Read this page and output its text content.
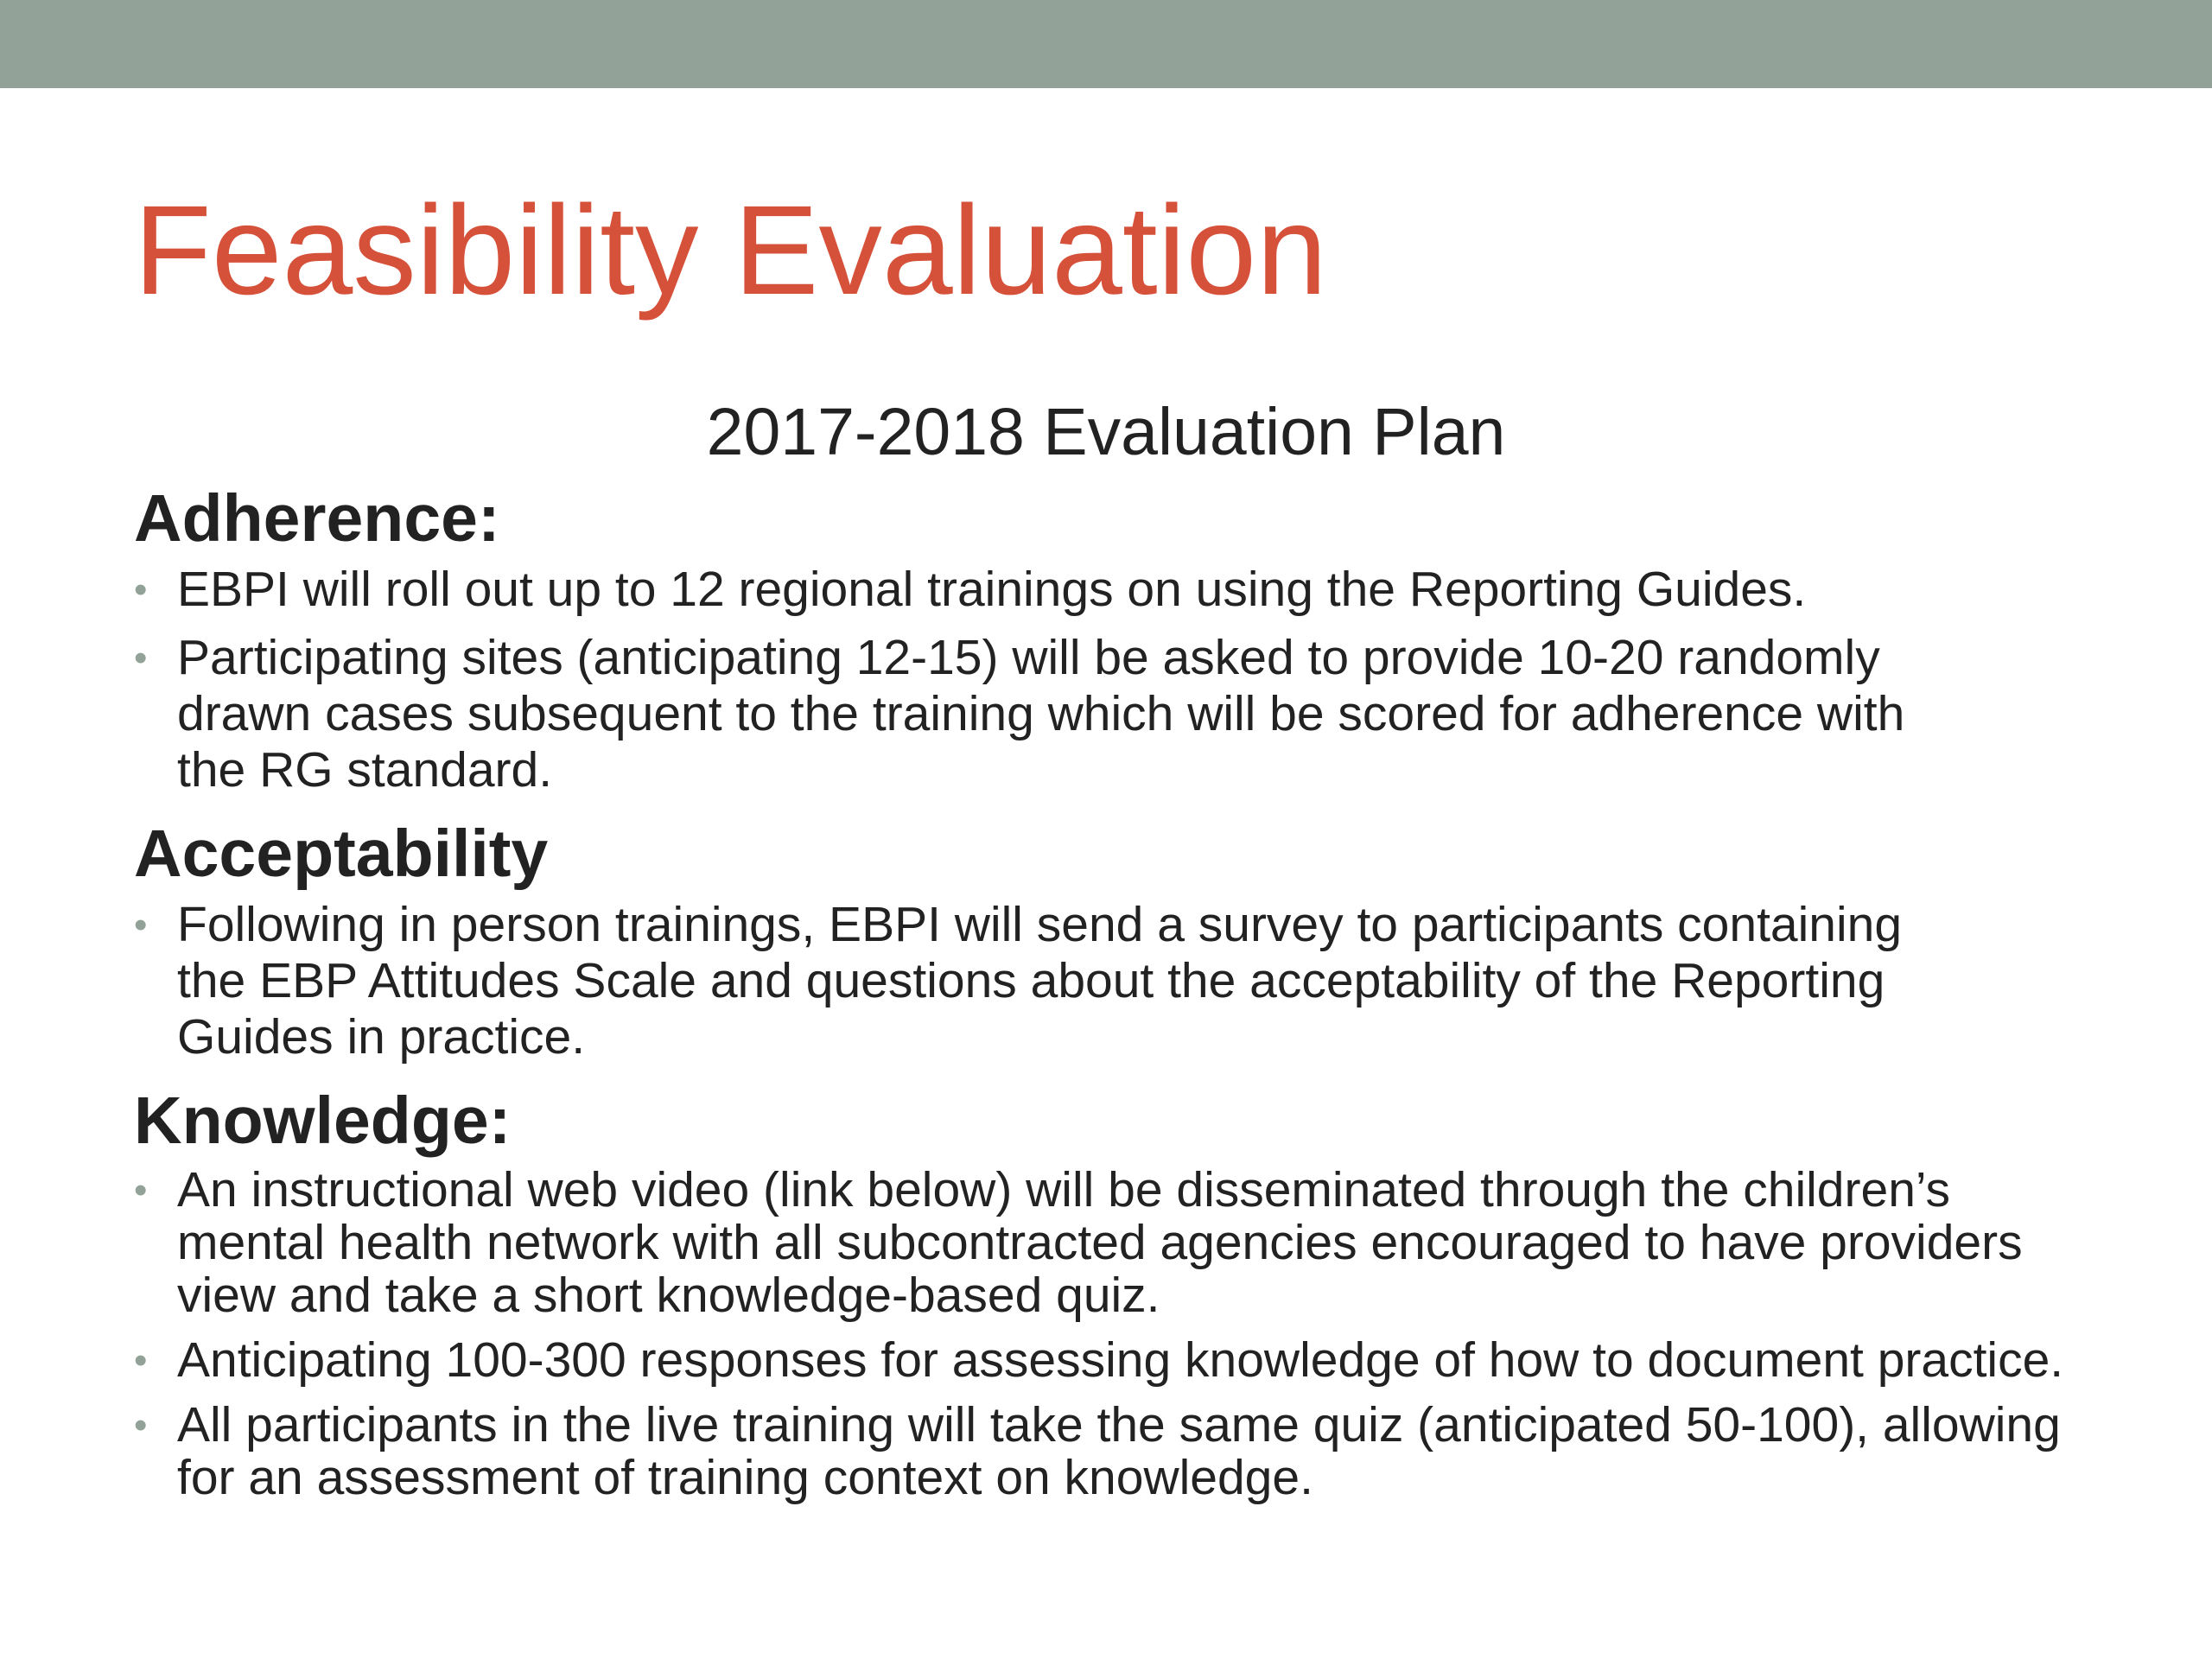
Feasibility Evaluation
2017-2018 Evaluation Plan
Adherence:
• EBPI will roll out up to 12 regional trainings on using the Reporting Guides.
• Participating sites (anticipating 12-15) will be asked to provide 10-20 randomly
drawn cases subsequent to the training which will be scored for adherence with
the RG standard.
Acceptability
• Following in person trainings, EBPI will send a survey to participants containing
the EBP Attitudes Scale and questions about the acceptability of the Reporting
Guides in practice.
Knowledge:
• An instructional web video (link below) will be disseminated through the children’s
mental health network with all subcontracted agencies encouraged to have providers
view and take a short knowledge-based quiz.
• Anticipating 100-300 responses for assessing knowledge of how to document practice.
• All participants in the live training will take the same quiz (anticipated 50-100), allowing
for an assessment of training context on knowledge.
